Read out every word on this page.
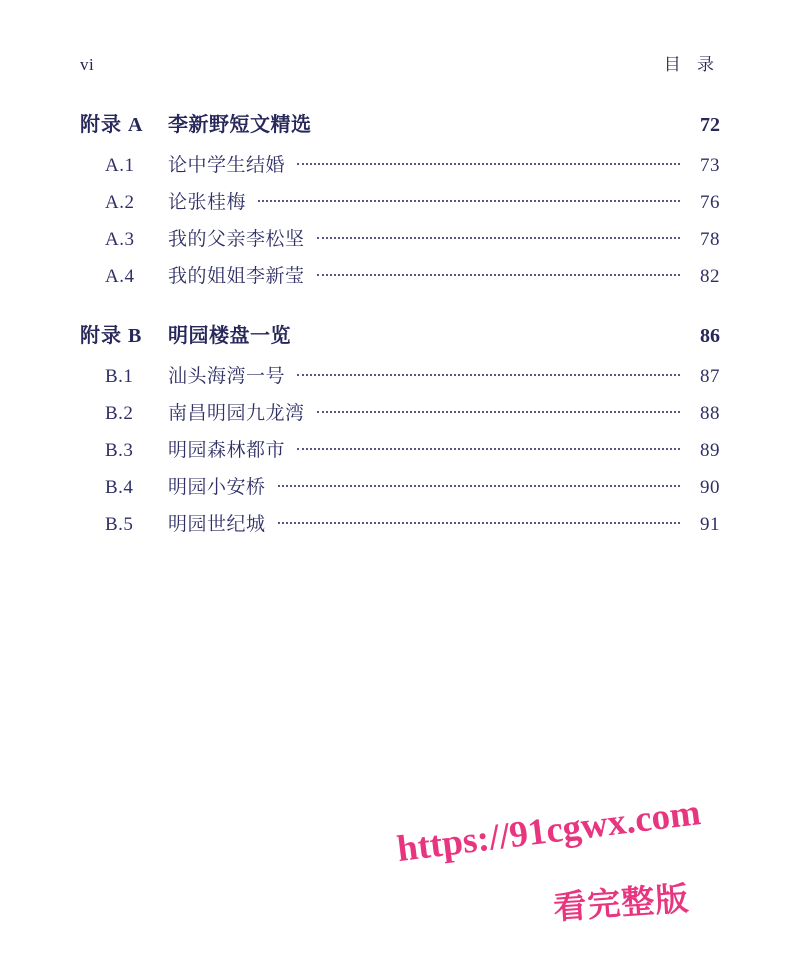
vi	目 录
附录 A	李新野短文精选	72
A.1	论中学生结婚	73
A.2	论张桂梅	76
A.3	我的父亲李松坚	78
A.4	我的姐姐李新莹	82
附录 B	明园楼盘一览	86
B.1	汕头海湾一号	87
B.2	南昌明园九龙湾	88
B.3	明园森林都市	89
B.4	明园小安桥	90
B.5	明园世纪城	91
https://91cgwx.com
看完整版
